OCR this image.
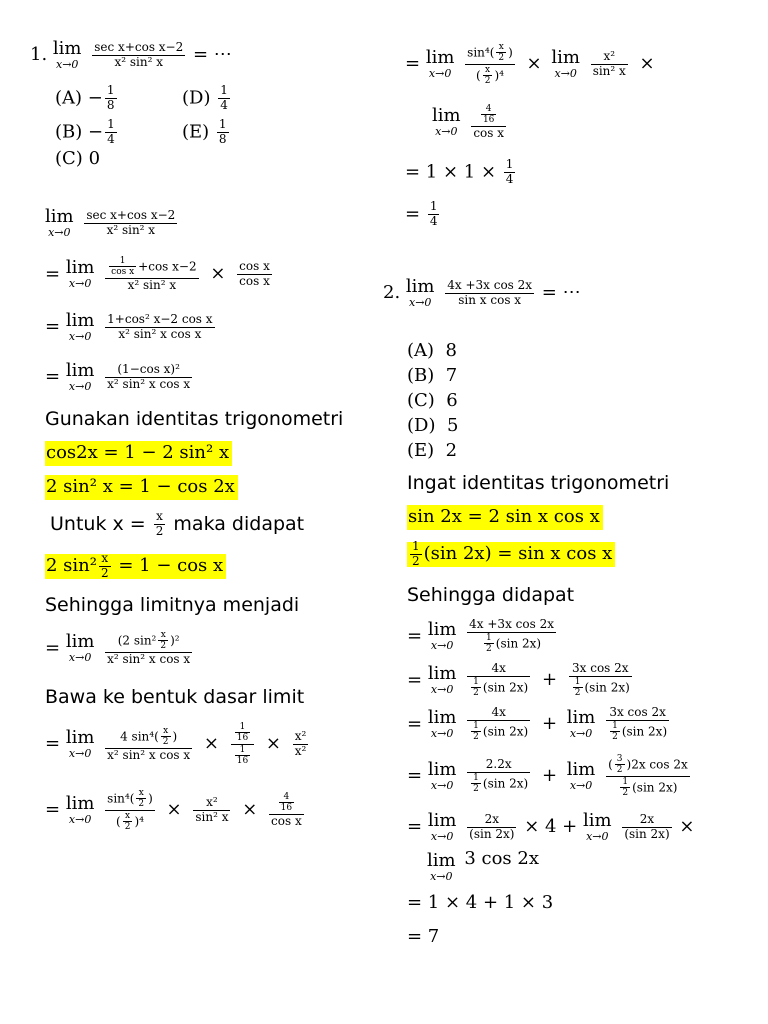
1. lim
x→0
$\frac{\text{sec x+cos x−2}}{\text{x² sin² x}}$ = ⋯
$(A) - \frac{1}{8}$	$(D) \frac{1}{4}$
$(B) - \frac{1}{4}$	$(E) \frac{1}{8}$
(C) 0
lim
x→0
$\frac{\text{sec x+cos x−2}}{\text{x² sin² x}}$
= lim
x→0
	$\frac{\frac{1}{\text{cos x}} +\cos x-2}{\text{x² sin² x}} \times \frac{\text{cos x}}{\text{cos x}}$
= lim
x→0
$\frac{\text{1+cos² x−2 cos x}}{\text{x² sin² x cos x}}$
= lim
x→0
$\frac{\text{(1−cos x)²}}{\text{x² sin² x cos x}}$
Gunakan identitas trigonometri
cos2x = 1 − 2 sin² x
2 sin² x = 1 − cos 2x
Untuk $x = \frac{x}{2}$ maka didapat
2 $\sin^2 \frac{x}{2} = 1 - \cos x$
Sehingga limitnya menjadi
= lim
x→0
$\frac{(2 \sin^2 \frac{x}{2} )^2}{\text{x² sin² x cos x}}$
Bawa ke bentuk dasar limit
= lim
x→0
$\frac{4 \sin^4( \frac{x}{2} )}{\text{x² sin² x cos x}} \times \frac{\frac{1}{16}}{\frac{1}{16}} \times \frac{\text{x²}}{\text{x²}}$
= lim
x→0
$\frac{\sin^4( \frac{x}{2} )}{( \frac{x}{2} )^4} \times \frac{\text{x²}}{\text{sin² x}} \times \frac{\frac{4}{16}}{\text{cos x}}$
= lim
x→0
$\frac{\sin^4( \frac{x}{2} )}{( \frac{x}{2} )^4} \times \lim$
x→0
$\frac{\text{x²}}{\text{sin² x}}$ ×
lim
x→0
	$\frac{\frac{4}{16}}{\text{cos x}}$
= $1 \times 1 \times \frac{1}{4}$
= $\frac{1}{4}$
2. lim
x→0
$\frac{\text{4x +3x cos 2x}}{\text{sin x cos x}}$ = ⋯
(A) 8
(B) 7
(C) 6
(D) 5
(E) 2
Ingat identitas trigonometri
sin 2x = 2 sin x cos x
$\frac{1}{2} (\sin$ 2x) = sin x cos x
Sehingga didapat
= lim
x→0
$\frac{\text{4x +3x cos 2x}}{\frac{1}{2} (\sin 2x)}$
= lim
x→0
$\frac{4x}{\frac{1}{2} (\sin 2x)} + \frac{\text{3x cos 2x}}{\frac{1}{2} (\sin 2x)}$
= lim
x→0
$\frac{4x}{\frac{1}{2} (\sin 2x)} + \lim$
x→0
$\frac{\text{3x cos 2x}}{\frac{1}{2} (\sin 2x)}$
= lim
x→0
$\frac{2.2x}{\frac{1}{2} (\sin 2x)} + \lim$
x→0
$\frac{( \frac{3}{2} )2x \cos 2x}{\frac{1}{2} (\sin 2x)}$
= lim
x→0
$\frac{2x}{(\sin 2x)} \times 4 + \lim$
x→0
$\frac{2x}{(\sin 2x)}$ ×
lim
x→0
3 cos 2x
= 1 × 4 + 1 × 3
= 7
